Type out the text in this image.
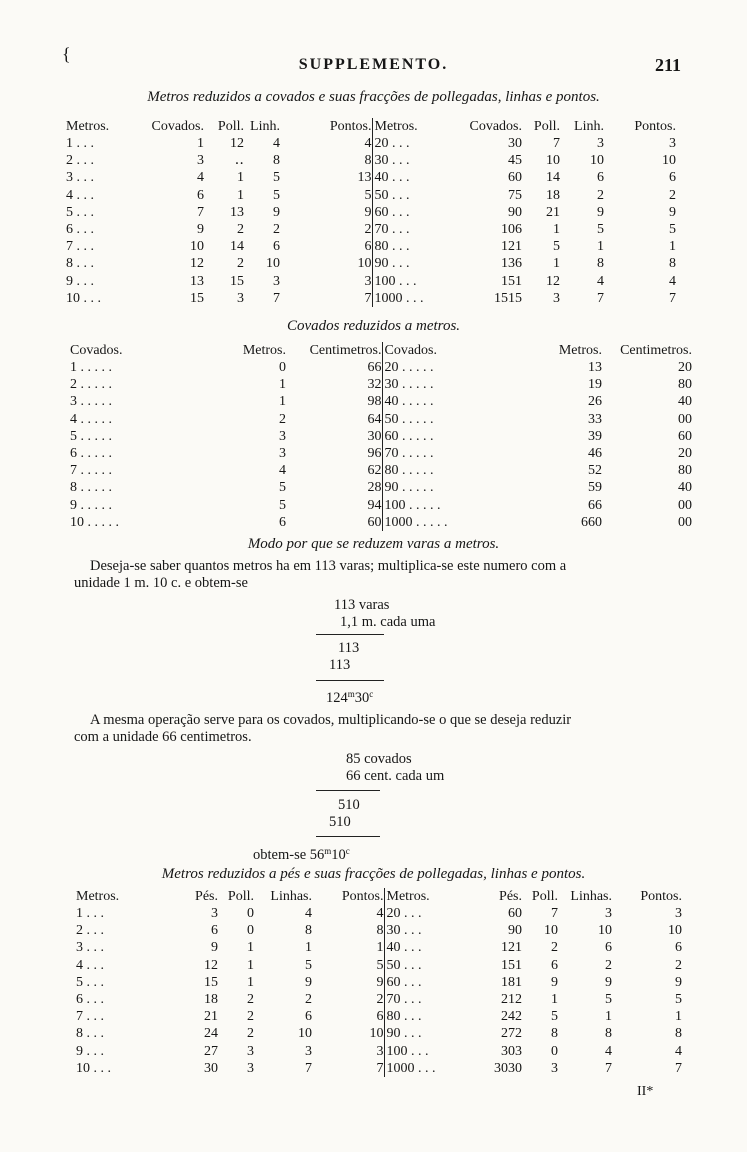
{
SUPPLEMENTO.	211
Metros reduzidos a covados e suas fracções de pollegadas, linhas e pontos.
Metros.	Covados.	Poll.	Linh.	Pontos.	Metros.	Covados.	Poll.	Linh.	Pontos.
1 . . .	1	12	4	4	20 . . .	30	7	3	3
2 . . .	3	‥	8	8	30 . . .	45	10	10	10
3 . . .	4	1	5	13	40 . . .	60	14	6	6
4 . . .	6	1	5	5	50 . . .	75	18	2	2
5 . . .	7	13	9	9	60 . . .	90	21	9	9
6 . . .	9	2	2	2	70 . . .	106	1	5	5
7 . . .	10	14	6	6	80 . . .	121	5	1	1
8 . . .	12	2	10	10	90 . . .	136	1	8	8
9 . . .	13	15	3	3	100 . . .	151	12	4	4
10 . . .	15	3	7	7	1000 . . .	1515	3	7	7
Covados reduzidos a metros.
Covados.	Metros.	Centimetros.	Covados.	Metros.	Centimetros.
1 . . . . .	0	66	20 . . . . .	13	20
2 . . . . .	1	32	30 . . . . .	19	80
3 . . . . .	1	98	40 . . . . .	26	40
4 . . . . .	2	64	50 . . . . .	33	00
5 . . . . .	3	30	60 . . . . .	39	60
6 . . . . .	3	96	70 . . . . .	46	20
7 . . . . .	4	62	80 . . . . .	52	80
8 . . . . .	5	28	90 . . . . .	59	40
9 . . . . .	5	94	100 . . . . .	66	00
10 . . . . .	6	60	1000 . . . . .	660	00
Modo por que se reduzem varas a metros.
Deseja-se saber quantos metros ha em 113 varas; multiplica-se este numero com a
unidade 1 m. 10 c. e obtem-se
113 varas
1,1 m. cada uma
113
113
124$^m$30$^c$
A mesma operação serve para os covados, multiplicando-se o que se deseja reduzir
com a unidade 66 centimetros.
85 covados
66 cent. cada um
510
510
obtem-se 56$^m$10$^c$
Metros reduzidos a pés e suas fracções de pollegadas, linhas e pontos.
Metros.	Pés.	Poll.	Linhas.	Pontos.	Metros.	Pés.	Poll.	Linhas.	Pontos.
1 . . .	3	0	4	4	20 . . .	60	7	3	3
2 . . .	6	0	8	8	30 . . .	90	10	10	10
3 . . .	9	1	1	1	40 . . .	121	2	6	6
4 . . .	12	1	5	5	50 . . .	151	6	2	2
5 . . .	15	1	9	9	60 . . .	181	9	9	9
6 . . .	18	2	2	2	70 . . .	212	1	5	5
7 . . .	21	2	6	6	80 . . .	242	5	1	1
8 . . .	24	2	10	10	90 . . .	272	8	8	8
9 . . .	27	3	3	3	100 . . .	303	0	4	4
10 . . .	30	3	7	7	1000 . . .	3030	3	7	7
II*
